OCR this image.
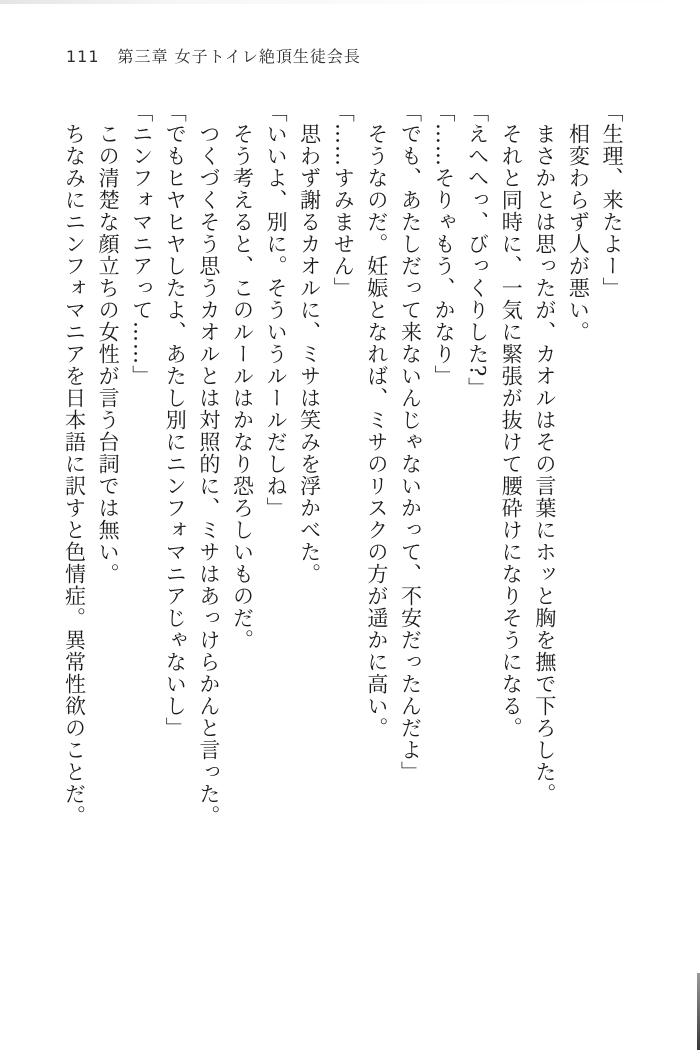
111 第三章 女子トイレ絶頂生徒会長

「生理、来たよー」

相変わらず人が悪い。

まさかとは思ったが、カオルはその言葉にホッと胸を撫で下ろした。

それと同時に、一気に緊張が抜けて腰砕けになりそうになる。

「えへへっ、びっくりした?」

「……そりゃもう、かなり」

「でも、あたしだって来ないんじゃないかって、不安だったんだよ」

そうなのだ。妊娠となれば、ミサのリスクの方が遥かに高い。

「……すみません」

思わず謝るカオルに、ミサは笑みを浮かべた。

「いいよ、別に。そういうルールだしね」

そう考えると、このルールはかなり恐ろしいものだ。

つくづくそう思うカオルとは対照的に、ミサはあっけらかんと言った。

「でもヒヤヒヤしたよ、あたし別にニンフォマニアじゃないし」

「ニンフォマニアって……」

この清楚な顔立ちの女性が言う台詞では無い。

ちなみにニンフォマニアを日本語に訳すと色情症。異常性欲のことだ。
